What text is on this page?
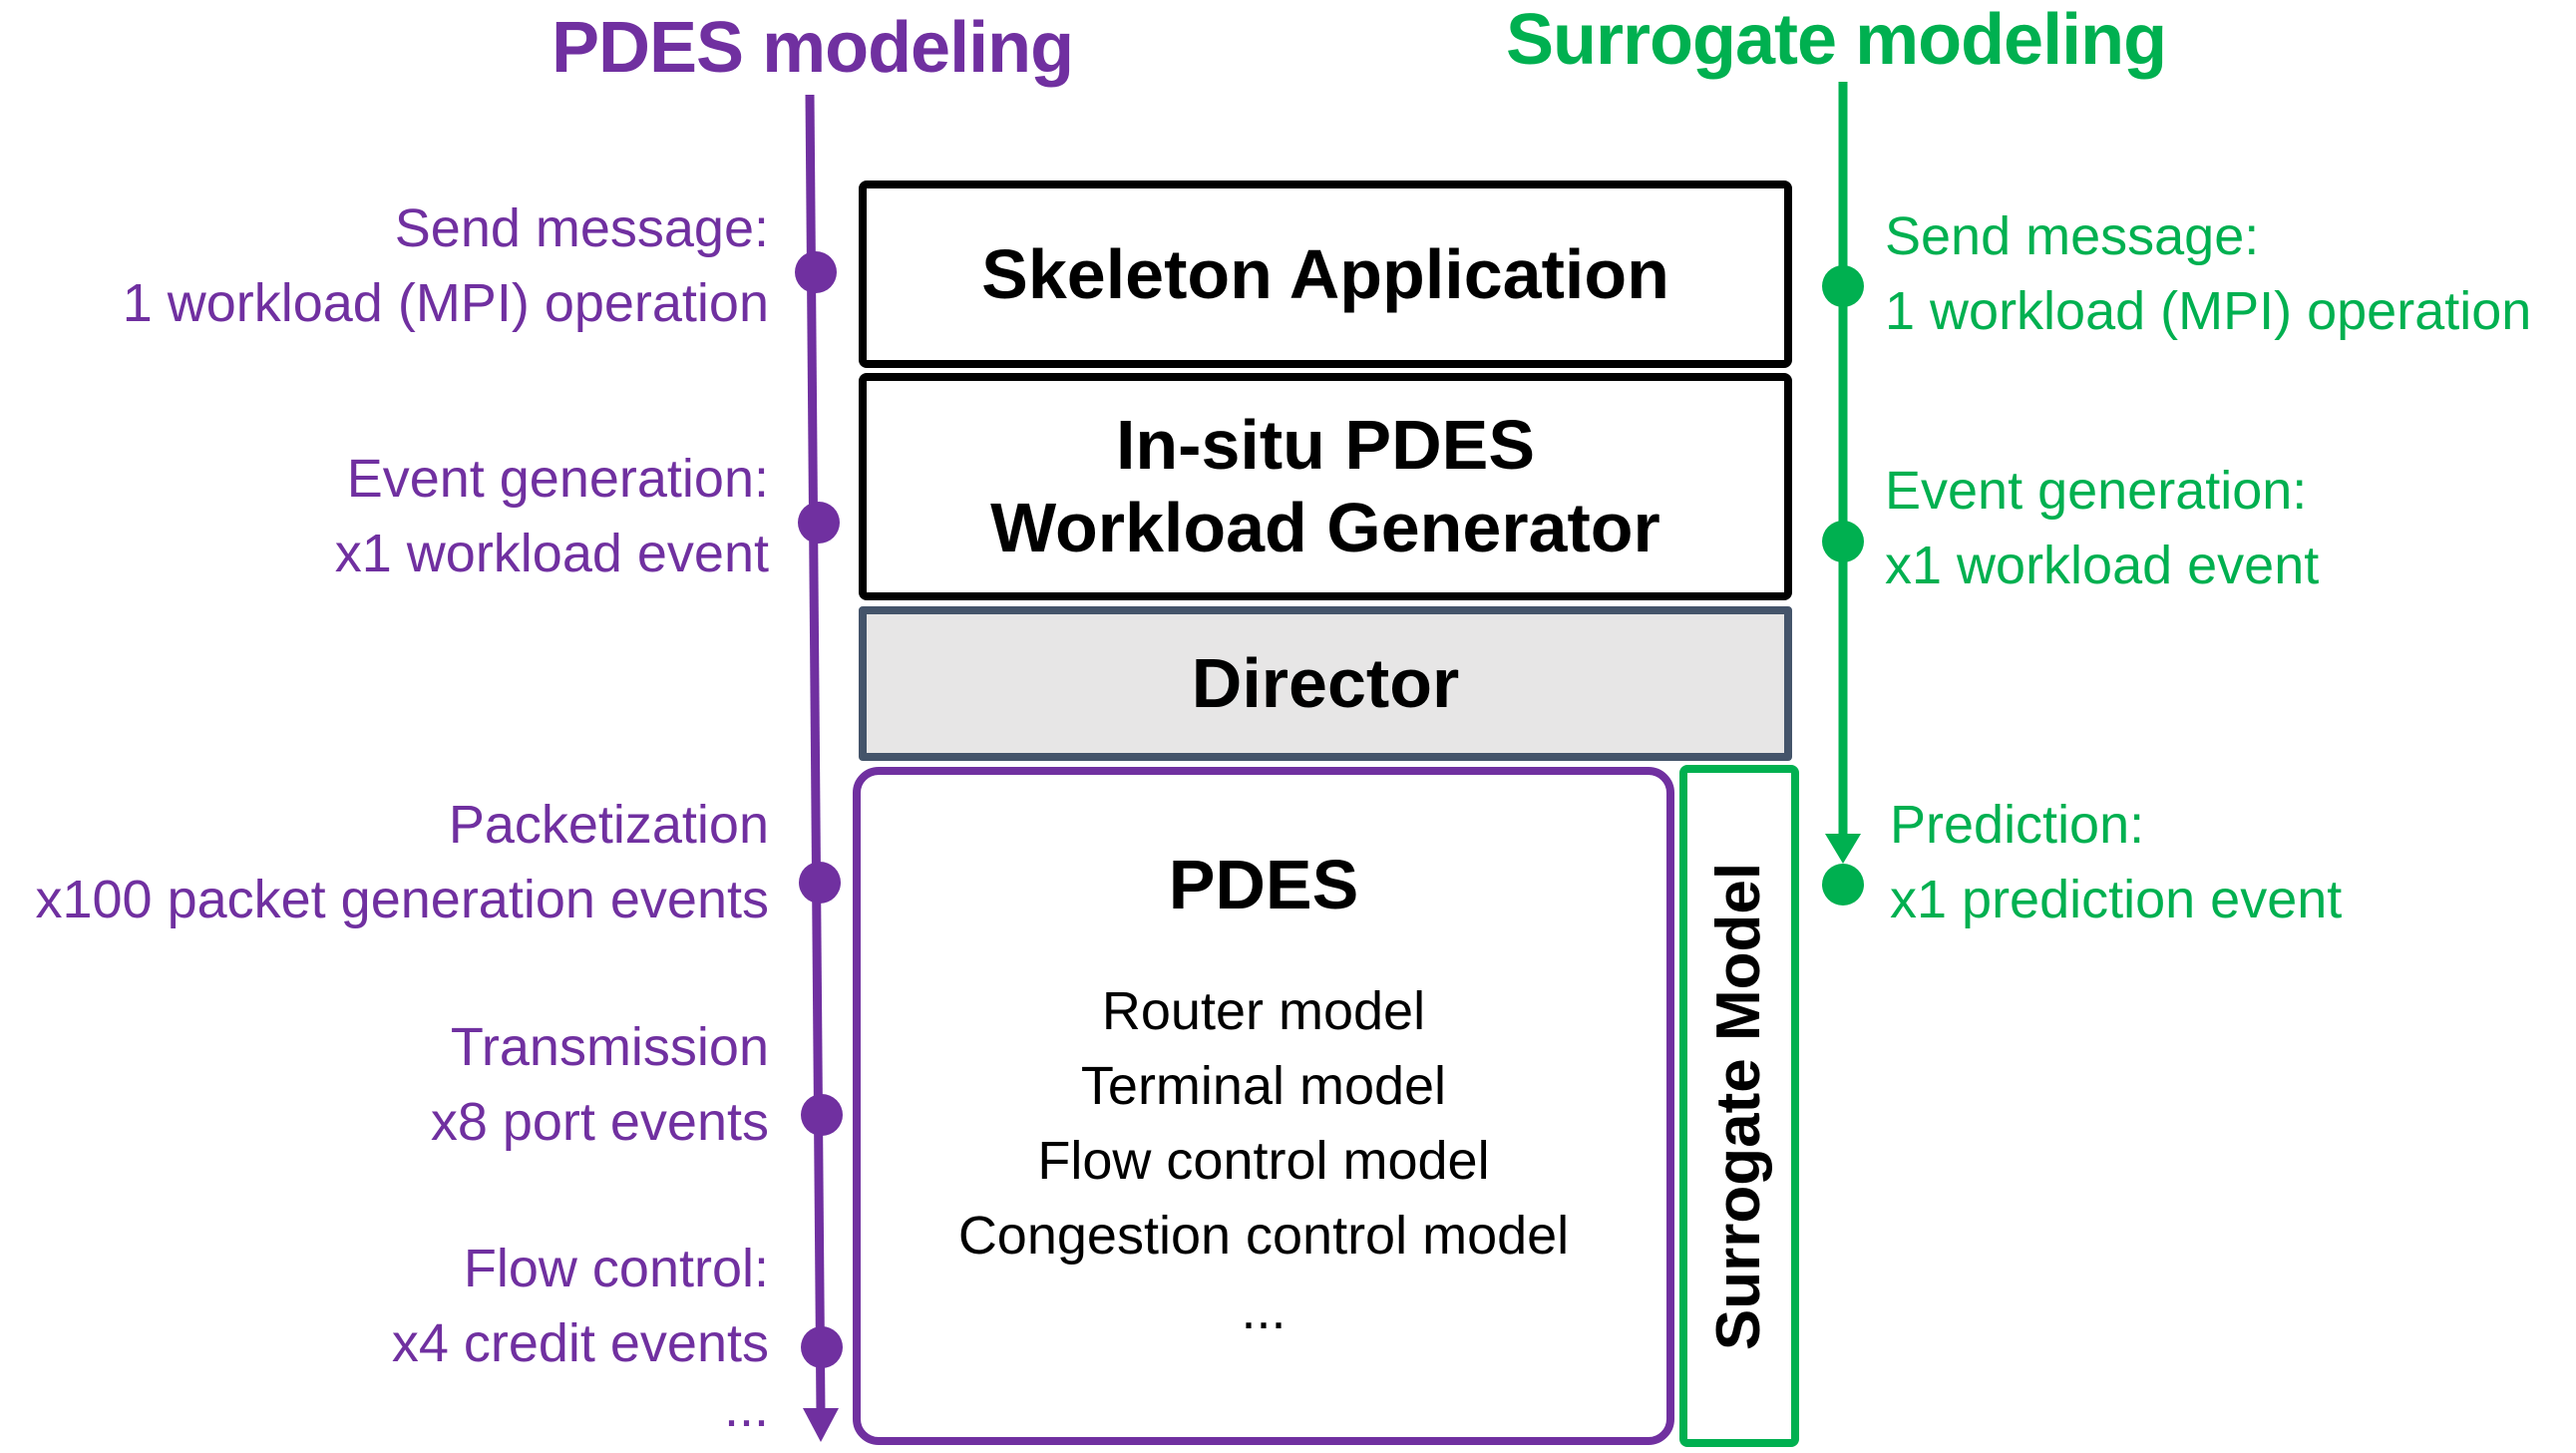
PDES modeling	Surrogate modeling
Send message:
1 workload (MPI) operation
Event generation:
x1 workload event
Packetization
x100 packet generation events
Transmission
x8 port events
Flow control:
x4 credit events
...
Send message:
1 workload (MPI) operation
Event generation:
x1 workload event
Prediction:
x1 prediction event
Skeleton Application
In-situ PDES
Workload Generator
Director
PDES
Router model
Terminal model
Flow control model
Congestion control model
...	Surrogate Model
